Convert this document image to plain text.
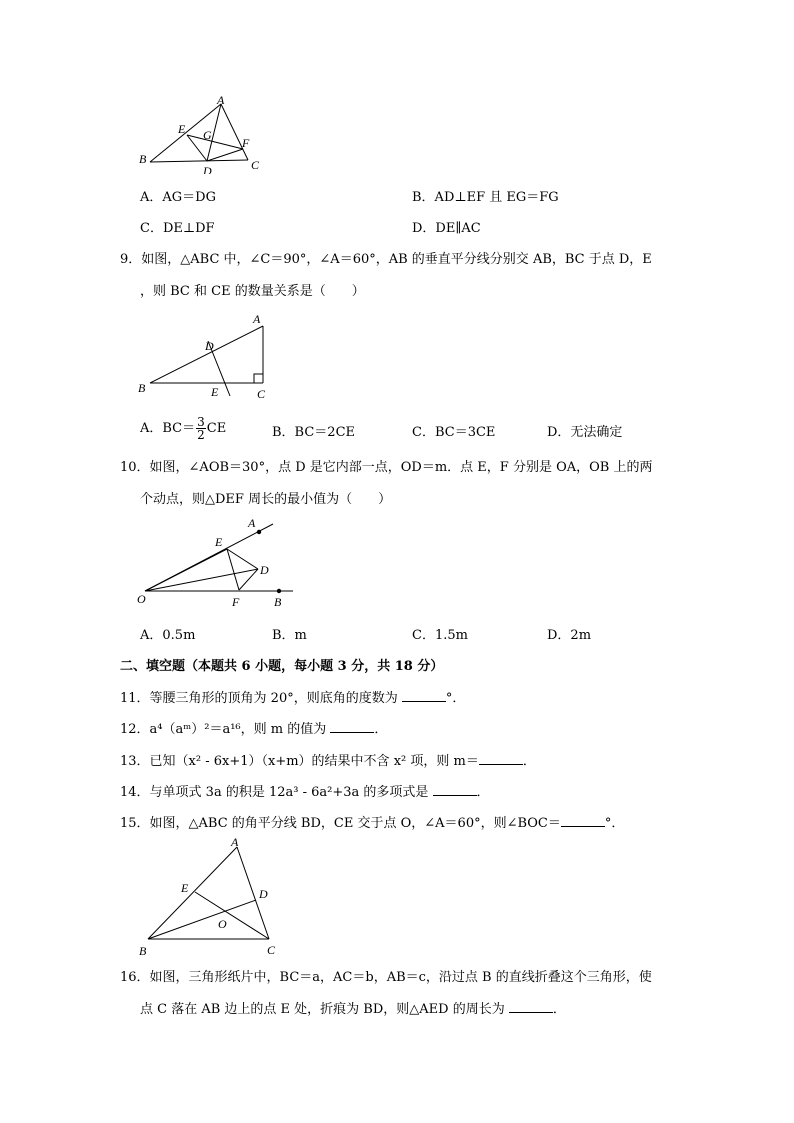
A
B	C
D
E
F
G
A．AG＝DG	B．AD⊥EF 且 EG＝FG
C．DE⊥DF	D．DE∥AC
9．如图，△ABC 中，∠C＝90°，∠A＝60°，AB 的垂直平分线分别交 AB，BC 于点 D，E
，则 BC 和 CE 的数量关系是（　　）
A
B	C
D
E
A．$BC= \frac{3}{2}$ CE	B．BC＝2CE	C．BC＝3CE	D．无法确定
10．如图，∠AOB＝30°，点 D 是它内部一点，OD＝m．点 E，F 分别是 OA，OB 上的两
个动点，则△DEF 周长的最小值为（　　）
A
B
D
E
F
O
A．0.5m	B．m	C．1.5m	D．2m
二、填空题（本题共 6 小题，每小题 3 分，共 18 分）
11．等腰三角形的顶角为 20°，则底角的度数为	°．
12．a⁴（aᵐ）²＝a¹⁶，则 m 的值为	．
13．已知（x² - 6x+1）（x+m）的结果中不含 x² 项，则 m＝	．
14．与单项式 3a 的积是 12a³ - 6a²+3a 的多项式是	．
15．如图，△ABC 的角平分线 BD，CE 交于点 O，∠A＝60°，则∠BOC＝	°．
A
B	C
D
E
O
16．如图，三角形纸片中，BC＝a，AC＝b，AB＝c，沿过点 B 的直线折叠这个三角形，使
点 C 落在 AB 边上的点 E 处，折痕为 BD，则△AED 的周长为	．
